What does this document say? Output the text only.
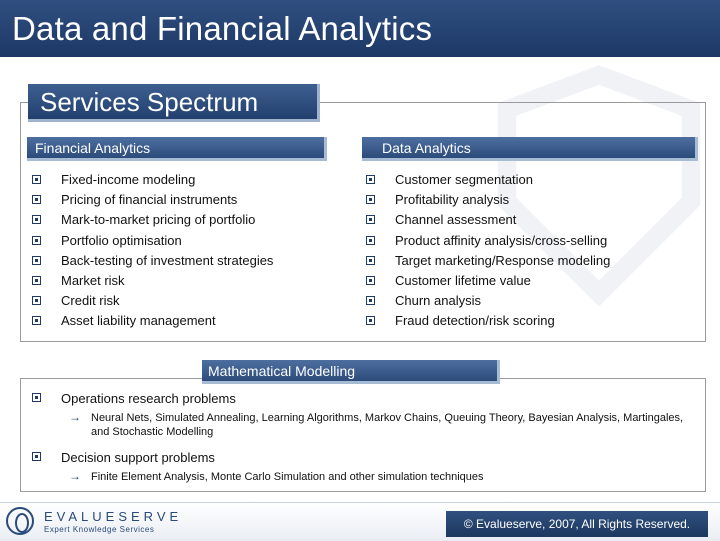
Data and Financial Analytics
Services Spectrum
Financial Analytics	Data Analytics
Fixed-income modeling
Pricing of financial instruments
Mark-to-market pricing of portfolio
Portfolio optimisation
Back-testing of investment strategies
Market risk
Credit risk
Asset liability management
Customer segmentation
Profitability analysis
Channel assessment
Product affinity analysis/cross-selling
Target marketing/Response modeling
Customer lifetime value
Churn analysis
Fraud detection/risk scoring
Mathematical Modelling
Operations research problems
→ Neural Nets, Simulated Annealing, Learning Algorithms, Markov Chains, Queuing Theory, Bayesian Analysis, Martingales, and Stochastic Modelling
Decision support problems
→ Finite Element Analysis, Monte Carlo Simulation and other simulation techniques
EVALUESERVE
Expert Knowledge Services	© Evalueserve, 2007, All Rights Reserved.
